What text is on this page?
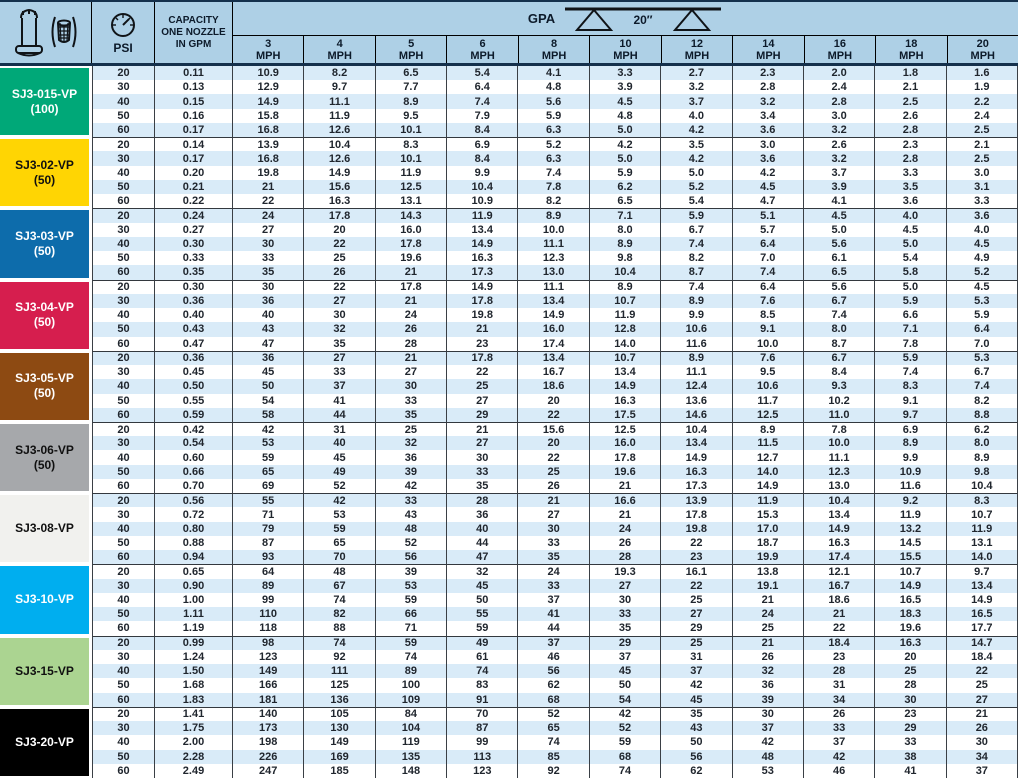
PSI
CAPACITY
ONE NOZZLE
IN GPM
GPA	20″
3
MPH
4
MPH
5
MPH
6
MPH
8
MPH
10
MPH
12
MPH
14
MPH
16
MPH
18
MPH
20
MPH
SJ3-015-VP
(100)
20	0.11	10.9	8.2	6.5	5.4	4.1	3.3	2.7	2.3	2.0	1.8	1.6
30	0.13	12.9	9.7	7.7	6.4	4.8	3.9	3.2	2.8	2.4	2.1	1.9
40	0.15	14.9	11.1	8.9	7.4	5.6	4.5	3.7	3.2	2.8	2.5	2.2
50	0.16	15.8	11.9	9.5	7.9	5.9	4.8	4.0	3.4	3.0	2.6	2.4
60	0.17	16.8	12.6	10.1	8.4	6.3	5.0	4.2	3.6	3.2	2.8	2.5
SJ3-02-VP
(50)
20	0.14	13.9	10.4	8.3	6.9	5.2	4.2	3.5	3.0	2.6	2.3	2.1
30	0.17	16.8	12.6	10.1	8.4	6.3	5.0	4.2	3.6	3.2	2.8	2.5
40	0.20	19.8	14.9	11.9	9.9	7.4	5.9	5.0	4.2	3.7	3.3	3.0
50	0.21	21	15.6	12.5	10.4	7.8	6.2	5.2	4.5	3.9	3.5	3.1
60	0.22	22	16.3	13.1	10.9	8.2	6.5	5.4	4.7	4.1	3.6	3.3
SJ3-03-VP
(50)
20	0.24	24	17.8	14.3	11.9	8.9	7.1	5.9	5.1	4.5	4.0	3.6
30	0.27	27	20	16.0	13.4	10.0	8.0	6.7	5.7	5.0	4.5	4.0
40	0.30	30	22	17.8	14.9	11.1	8.9	7.4	6.4	5.6	5.0	4.5
50	0.33	33	25	19.6	16.3	12.3	9.8	8.2	7.0	6.1	5.4	4.9
60	0.35	35	26	21	17.3	13.0	10.4	8.7	7.4	6.5	5.8	5.2
SJ3-04-VP
(50)
20	0.30	30	22	17.8	14.9	11.1	8.9	7.4	6.4	5.6	5.0	4.5
30	0.36	36	27	21	17.8	13.4	10.7	8.9	7.6	6.7	5.9	5.3
40	0.40	40	30	24	19.8	14.9	11.9	9.9	8.5	7.4	6.6	5.9
50	0.43	43	32	26	21	16.0	12.8	10.6	9.1	8.0	7.1	6.4
60	0.47	47	35	28	23	17.4	14.0	11.6	10.0	8.7	7.8	7.0
SJ3-05-VP
(50)
20	0.36	36	27	21	17.8	13.4	10.7	8.9	7.6	6.7	5.9	5.3
30	0.45	45	33	27	22	16.7	13.4	11.1	9.5	8.4	7.4	6.7
40	0.50	50	37	30	25	18.6	14.9	12.4	10.6	9.3	8.3	7.4
50	0.55	54	41	33	27	20	16.3	13.6	11.7	10.2	9.1	8.2
60	0.59	58	44	35	29	22	17.5	14.6	12.5	11.0	9.7	8.8
SJ3-06-VP
(50)
20	0.42	42	31	25	21	15.6	12.5	10.4	8.9	7.8	6.9	6.2
30	0.54	53	40	32	27	20	16.0	13.4	11.5	10.0	8.9	8.0
40	0.60	59	45	36	30	22	17.8	14.9	12.7	11.1	9.9	8.9
50	0.66	65	49	39	33	25	19.6	16.3	14.0	12.3	10.9	9.8
60	0.70	69	52	42	35	26	21	17.3	14.9	13.0	11.6	10.4
SJ3-08-VP
20	0.56	55	42	33	28	21	16.6	13.9	11.9	10.4	9.2	8.3
30	0.72	71	53	43	36	27	21	17.8	15.3	13.4	11.9	10.7
40	0.80	79	59	48	40	30	24	19.8	17.0	14.9	13.2	11.9
50	0.88	87	65	52	44	33	26	22	18.7	16.3	14.5	13.1
60	0.94	93	70	56	47	35	28	23	19.9	17.4	15.5	14.0
SJ3-10-VP
20	0.65	64	48	39	32	24	19.3	16.1	13.8	12.1	10.7	9.7
30	0.90	89	67	53	45	33	27	22	19.1	16.7	14.9	13.4
40	1.00	99	74	59	50	37	30	25	21	18.6	16.5	14.9
50	1.11	110	82	66	55	41	33	27	24	21	18.3	16.5
60	1.19	118	88	71	59	44	35	29	25	22	19.6	17.7
SJ3-15-VP
20	0.99	98	74	59	49	37	29	25	21	18.4	16.3	14.7
30	1.24	123	92	74	61	46	37	31	26	23	20	18.4
40	1.50	149	111	89	74	56	45	37	32	28	25	22
50	1.68	166	125	100	83	62	50	42	36	31	28	25
60	1.83	181	136	109	91	68	54	45	39	34	30	27
SJ3-20-VP
20	1.41	140	105	84	70	52	42	35	30	26	23	21
30	1.75	173	130	104	87	65	52	43	37	33	29	26
40	2.00	198	149	119	99	74	59	50	42	37	33	30
50	2.28	226	169	135	113	85	68	56	48	42	38	34
60	2.49	247	185	148	123	92	74	62	53	46	41	37
